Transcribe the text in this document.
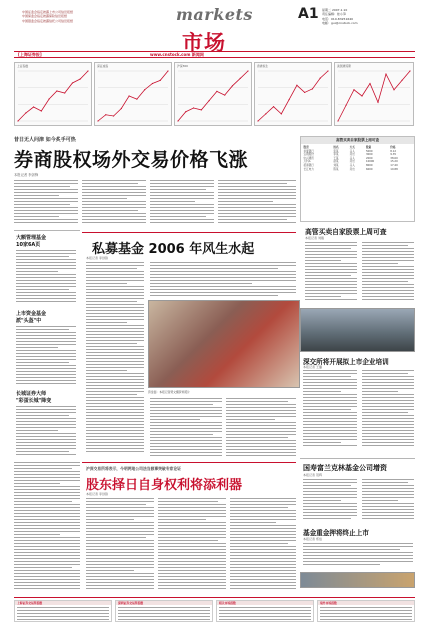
中国证监会指定披露上市公司信息报纸
中国保监会指定披露保险信息报纸
中国银监会指定披露信托公司信息报纸	markets
市场
A1 星期二 2007.1.10
责任编辑：桂小笋
电话：010-83251640
电邮：gui@cnstock.com
[上海证券报]	www.cnstock.com 新闻网
上证指数	深证成指	沪深300	香港恒生	美国道琼斯
昔日无人问津 如今炙手可热
券商股权场外交易价格飞涨
本报记者 李剑锋
高管买卖自家股票上周可查
股票	姓名	方式	数量	价格
华夏银行	张某	买入	5000	8.12
宝钢股份	李某	卖出	3000	9.35
中兴通讯	王某	买入	2000	38.60
万科A	赵某	卖出	10000	15.20
招商银行	刘某	买入	8000	17.40
长江电力	陈某	卖出	6000	10.88
高管买卖自家股票上周可查
本报记者 刘雁
大额管理基金
10家6A页
上市资金基金
派"头盔"中
长城证券大师
"彩蛋长城"降变
私募基金 2006 年风生水起
本报记者 李剑锋
资金面：本报记者贾文摄资料照片
深交所将开展拟上市企业培训
本报记者 王璐
国寿富兰克林基金公司增资
本报记者 贺辉
基金重金押将终止上市
本报记者 郑焰
沪深交易所将表示，今明两地公司法当掀事突破专家论证
股东择日自身权利将添利器
本报记者 李剑锋
上海证券交易所指数	深圳证券交易所指数	相关市场指数	境外市场指数
